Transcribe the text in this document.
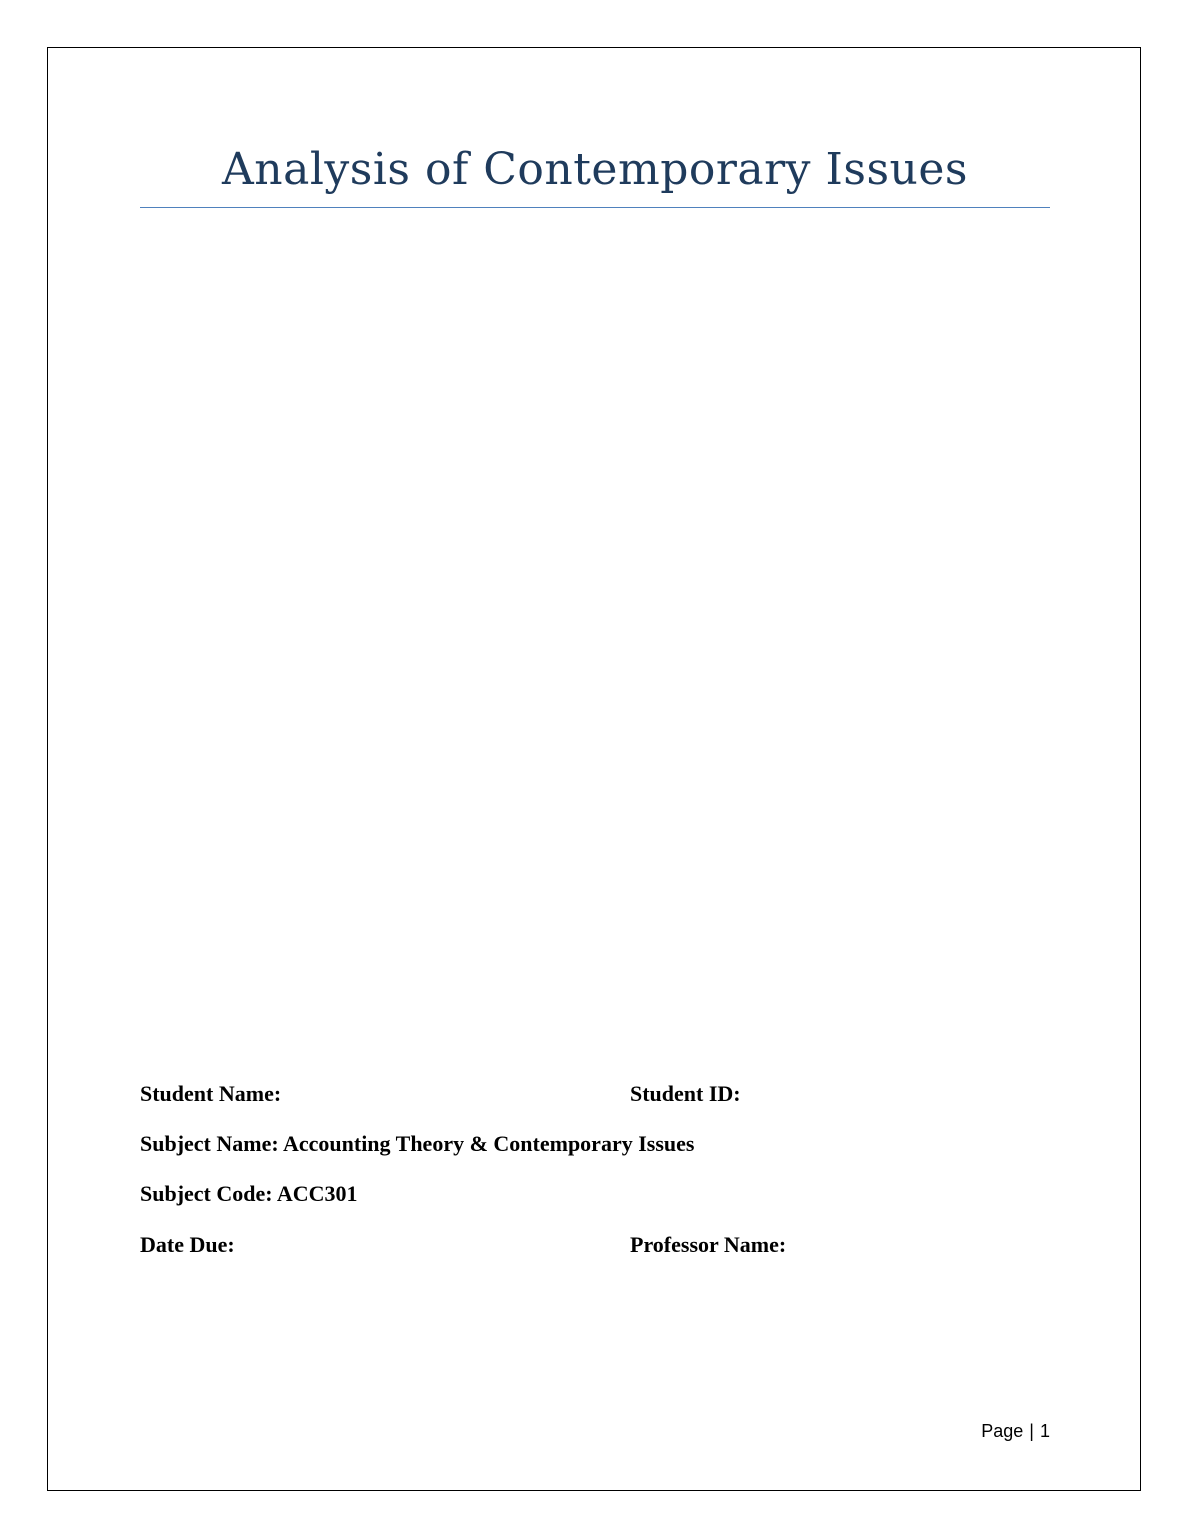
Analysis of Contemporary Issues
Student Name:	Student ID:
Subject Name: Accounting Theory & Contemporary Issues
Subject Code: ACC301
Date Due:	Professor Name:
Page | 1
